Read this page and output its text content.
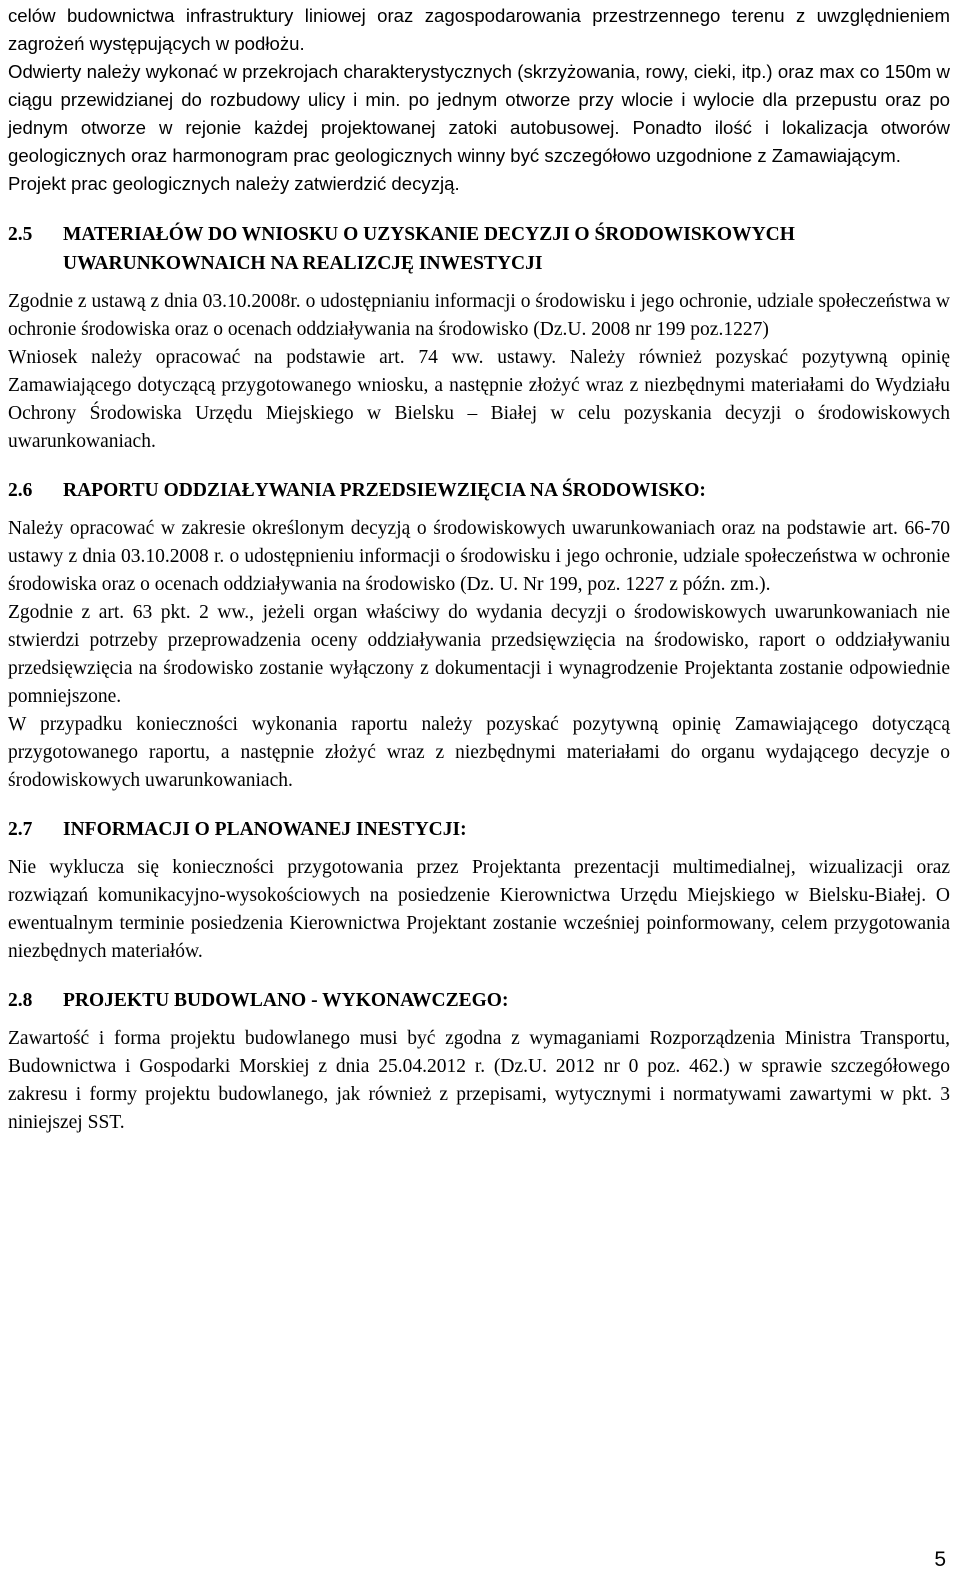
celów budownictwa infrastruktury liniowej oraz zagospodarowania przestrzennego terenu z uwzględnieniem zagrożeń występujących w podłożu.

Odwierty należy wykonać w przekrojach charakterystycznych (skrzyżowania, rowy, cieki, itp.) oraz max co 150m w ciągu przewidzianej do rozbudowy ulicy i min. po jednym otworze przy wlocie i wylocie dla przepustu oraz po jednym otworze w rejonie każdej projektowanej zatoki autobusowej. Ponadto ilość i lokalizacja otworów geologicznych oraz harmonogram prac geologicznych winny być szczegółowo uzgodnione z Zamawiającym.

Projekt prac geologicznych należy zatwierdzić decyzją.

2.5	MATERIAŁÓW DO WNIOSKU O UZYSKANIE DECYZJI O ŚRODOWISKOWYCH UWARUNKOWNAICH NA REALIZCJĘ INWESTYCJI

Zgodnie z ustawą z dnia 03.10.2008r. o udostępnianiu informacji o środowisku i jego ochronie, udziale społeczeństwa w ochronie środowiska oraz o ocenach oddziaływania na środowisko (Dz.U. 2008 nr 199 poz.1227)

Wniosek należy opracować na podstawie art. 74 ww. ustawy. Należy również pozyskać pozytywną opinię Zamawiającego dotyczącą przygotowanego wniosku, a następnie złożyć wraz z niezbędnymi materiałami do Wydziału Ochrony Środowiska Urzędu Miejskiego w Bielsku – Białej w celu pozyskania decyzji o środowiskowych uwarunkowaniach.

2.6	RAPORTU ODDZIAŁYWANIA PRZEDSIEWZIĘCIA NA ŚRODOWISKO:

Należy opracować w zakresie określonym decyzją o środowiskowych uwarunkowaniach oraz na podstawie art. 66-70 ustawy z dnia 03.10.2008 r. o udostępnieniu informacji o środowisku i jego ochronie, udziale społeczeństwa w ochronie środowiska oraz o ocenach oddziaływania na środowisko (Dz. U. Nr 199, poz. 1227 z późn. zm.).

Zgodnie z art. 63 pkt. 2 ww., jeżeli organ właściwy do wydania decyzji o środowiskowych uwarunkowaniach nie stwierdzi potrzeby przeprowadzenia oceny oddziaływania przedsięwzięcia na środowisko, raport o oddziaływaniu przedsięwzięcia na środowisko zostanie wyłączony z dokumentacji i wynagrodzenie Projektanta zostanie odpowiednie pomniejszone.

W przypadku konieczności wykonania raportu należy pozyskać pozytywną opinię Zamawiającego dotyczącą przygotowanego raportu, a następnie złożyć wraz z niezbędnymi materiałami do organu wydającego decyzje o środowiskowych uwarunkowaniach.

2.7	INFORMACJI O PLANOWANEJ INESTYCJI:

Nie wyklucza się konieczności przygotowania przez Projektanta prezentacji multimedialnej, wizualizacji oraz rozwiązań komunikacyjno-wysokościowych na posiedzenie Kierownictwa Urzędu Miejskiego w Bielsku-Białej. O ewentualnym terminie posiedzenia Kierownictwa Projektant zostanie wcześniej poinformowany, celem przygotowania niezbędnych materiałów.

2.8	PROJEKTU BUDOWLANO - WYKONAWCZEGO:

Zawartość i forma projektu budowlanego musi być zgodna z wymaganiami Rozporządzenia Ministra Transportu, Budownictwa i Gospodarki Morskiej z dnia 25.04.2012 r. (Dz.U. 2012 nr 0 poz. 462.) w sprawie szczegółowego zakresu i formy projektu budowlanego, jak również z przepisami, wytycznymi i normatywami zawartymi w pkt. 3 niniejszej SST.

5
